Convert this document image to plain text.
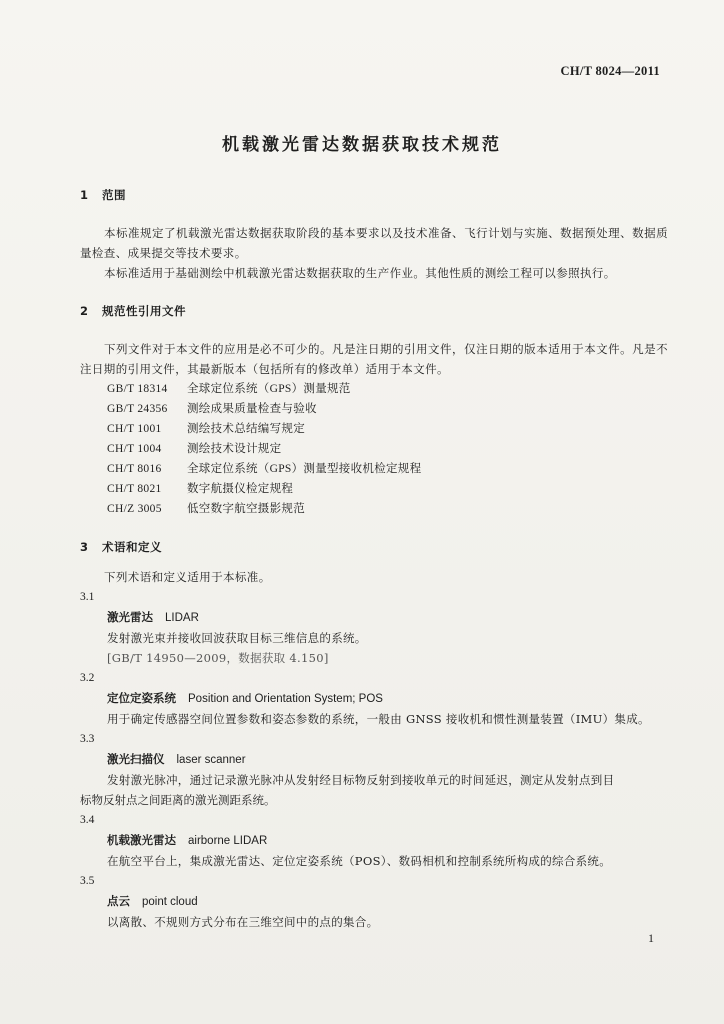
CH/T 8024—2011
机载激光雷达数据获取技术规范
1 范围
本标准规定了机载激光雷达数据获取阶段的基本要求以及技术准备、飞行计划与实施、数据预处理、数据质量检查、成果提交等技术要求。
本标准适用于基础测绘中机载激光雷达数据获取的生产作业。其他性质的测绘工程可以参照执行。
2 规范性引用文件
下列文件对于本文件的应用是必不可少的。凡是注日期的引用文件，仅注日期的版本适用于本文件。凡是不注日期的引用文件，其最新版本（包括所有的修改单）适用于本文件。
GB/T 18314 全球定位系统（GPS）测量规范
GB/T 24356 测绘成果质量检查与验收
CH/T 1001 测绘技术总结编写规定
CH/T 1004 测绘技术设计规定
CH/T 8016 全球定位系统（GPS）测量型接收机检定规程
CH/T 8021 数字航摄仪检定规程
CH/Z 3005 低空数字航空摄影规范
3 术语和定义
下列术语和定义适用于本标准。
3.1
激光雷达 LIDAR
发射激光束并接收回波获取目标三维信息的系统。
[GB/T 14950—2009，数据获取 4.150]
3.2
定位定姿系统 Position and Orientation System; POS
用于确定传感器空间位置参数和姿态参数的系统，一般由 GNSS 接收机和惯性测量装置（IMU）集成。
3.3
激光扫描仪 laser scanner
发射激光脉冲，通过记录激光脉冲从发射经目标物反射到接收单元的时间延迟，测定从发射点到目
标物反射点之间距离的激光测距系统。
3.4
机载激光雷达 airborne LIDAR
在航空平台上，集成激光雷达、定位定姿系统（POS）、数码相机和控制系统所构成的综合系统。
3.5
点云 point cloud
以离散、不规则方式分布在三维空间中的点的集合。
1
